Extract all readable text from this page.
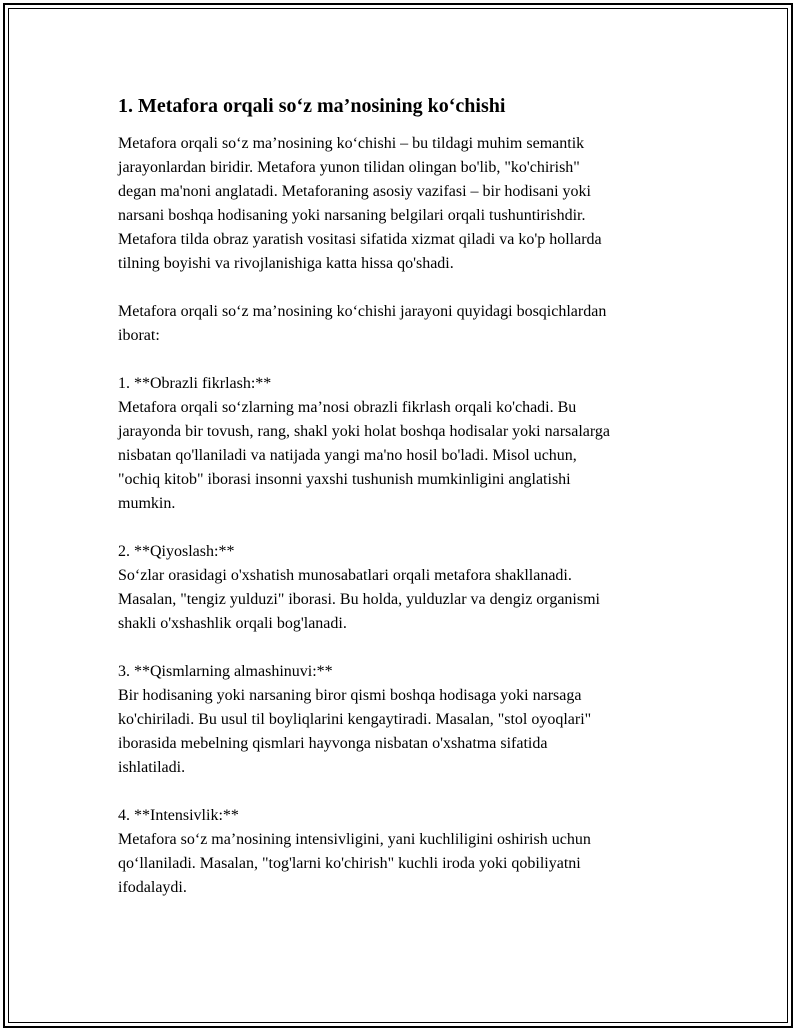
1. Metafora orqali so‘z ma’nosining ko‘chishi

Metafora orqali so‘z ma’nosining ko‘chishi – bu tildagi muhim semantik
jarayonlardan biridir. Metafora yunon tilidan olingan bo'lib, "ko'chirish"
degan ma'noni anglatadi. Metaforaning asosiy vazifasi – bir hodisani yoki
narsani boshqa hodisaning yoki narsaning belgilari orqali tushuntirishdir.
Metafora tilda obraz yaratish vositasi sifatida xizmat qiladi va ko'p hollarda
tilning boyishi va rivojlanishiga katta hissa qo'shadi.

Metafora orqali so‘z ma’nosining ko‘chishi jarayoni quyidagi bosqichlardan
iborat:

1. **Obrazli fikrlash:**

Metafora orqali so‘zlarning ma’nosi obrazli fikrlash orqali ko'chadi. Bu
jarayonda bir tovush, rang, shakl yoki holat boshqa hodisalar yoki narsalarga
nisbatan qo'llaniladi va natijada yangi ma'no hosil bo'ladi. Misol uchun,
"ochiq kitob" iborasi insonni yaxshi tushunish mumkinligini anglatishi
mumkin.

2. **Qiyoslash:**

So‘zlar orasidagi o'xshatish munosabatlari orqali metafora shakllanadi.
Masalan, "tengiz yulduzi" iborasi. Bu holda, yulduzlar va dengiz organismi
shakli o'xshashlik orqali bog'lanadi.

3. **Qismlarning almashinuvi:**

Bir hodisaning yoki narsaning biror qismi boshqa hodisaga yoki narsaga
ko'chiriladi. Bu usul til boyliqlarini kengaytiradi. Masalan, "stol oyoqlari"
iborasida mebelning qismlari hayvonga nisbatan o'xshatma sifatida
ishlatiladi.

4. **Intensivlik:**

Metafora so‘z ma’nosining intensivligini, yani kuchliligini oshirish uchun
qo‘llaniladi. Masalan, "tog'larni ko'chirish" kuchli iroda yoki qobiliyatni
ifodalaydi.
